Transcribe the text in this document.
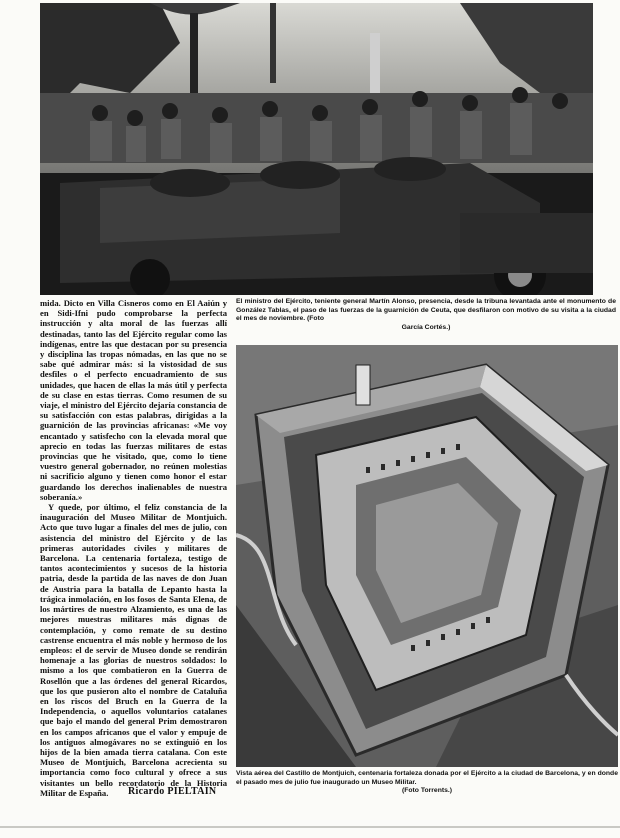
mida. Dicto en Villa Cisneros como en El Aaiún y en Sidi-Ifni pudo comprobarse la perfecta instrucción y alta moral de las fuerzas allí destinadas, tanto las del Ejército regular como las indígenas, entre las que destacan por su presencia y disciplina las tropas nómadas, en las que no se sabe qué admirar más: si la vistosidad de sus desfiles o el perfecto encuadramiento de sus unidades, que hacen de ellas la más útil y perfecta de su clase en estas tierras. Como resumen de su viaje, el ministro del Ejército dejaría constancia de su satisfacción con estas palabras, dirigidas a la guarnición de las provincias africanas: «Me voy encantado y satisfecho con la elevada moral que aprecio en todas las fuerzas militares de estas provincias que he visitado, que, como lo tiene vuestro general gobernador, no reúnen molestias ni sacrificio alguno y tienen como honor el estar guardando los derechos inalienables de nuestra soberanía.»

Y quede, por último, el feliz constancia de la inauguración del Museo Militar de Montjuich. Acto que tuvo lugar a finales del mes de julio, con asistencia del ministro del Ejército y de las primeras autoridades civiles y militares de Barcelona. La centenaria fortaleza, testigo de tantos acontecimientos y sucesos de la historia patria, desde la partida de las naves de don Juan de Austria para la batalla de Lepanto hasta la trágica inmolación, en los fosos de Santa Elena, de los mártires de nuestro Alzamiento, es una de las mejores muestras militares más dignas de contemplación, y como remate de su destino castrense encuentra el más noble y hermoso de los empleos: el de servir de Museo donde se rendirán homenaje a las glorias de nuestros soldados: lo mismo a los que combatieron en la Guerra de Rosellón que a las órdenes del general Ricardos, que los que pusieron alto el nombre de Cataluña en los riscos del Bruch en la Guerra de la Independencia, o aquellos voluntarios catalanes que bajo el mando del general Prim demostraron en los campos africanos que el valor y empuje de los antiguos almogávares no se extinguió en los hijos de la bien amada tierra catalana. Con este Museo de Montjuich, Barcelona acrecienta su importancia como foco cultural y ofrece a sus visitantes un bello recordatorio de la Historia Militar de España.	Ricardo PIELTAIN
El ministro del Ejército, teniente general Martín Alonso, presencia, desde la tribuna levantada ante el monumento de González Tablas, el paso de las fuerzas de la guarnición de Ceuta, que desfilaron con motivo de su visita a la ciudad el mes de noviembre. (Foto
García Cortés.)
Vista aérea del Castillo de Montjuich, centenaria fortaleza donada por el Ejército a la ciudad de Barcelona, y en donde el pasado mes de julio fue inaugurado un Museo Militar.
(Foto Torrents.)
